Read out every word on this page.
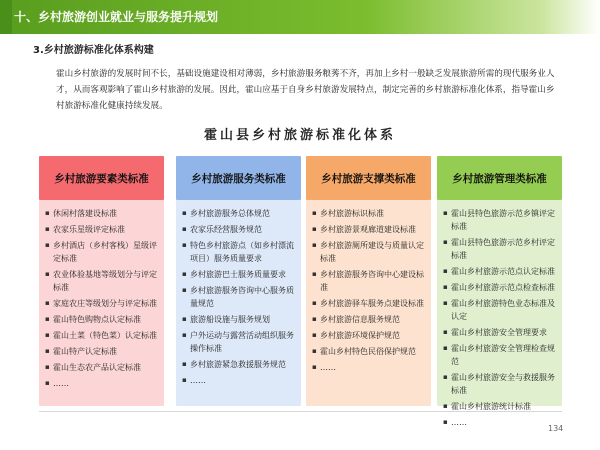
十、乡村旅游创业就业与服务提升规划
3.乡村旅游标准化体系构建
霍山乡村旅游的发展时间不长，基础设施建设相对薄弱，乡村旅游服务粮莠不齐，再加上乡村一般缺乏发展旅游所需的现代服务业人才，从而客观影响了霍山乡村旅游的发展。因此，霍山应基于自身乡村旅游发展特点，制定完善的乡村旅游标准化体系，指导霍山乡村旅游标准化健康持续发展。
霍山县乡村旅游标准化体系
乡村旅游要素类标准
▪ 休闲村落建设标准
▪ 农家乐星级评定标准
▪ 乡村酒店（乡村客栈）星级评定标准
▪ 农业体验基地等级划分与评定标准
▪ 家庭农庄等级划分与评定标准
▪ 霍山特色购物点认定标准
▪ 霍山土菜（特色菜）认定标准
▪ 霍山特产认定标准
▪ 霍山生态农产品认定标准
▪ ……
乡村旅游服务类标准
▪ 乡村旅游服务总体规范
▪ 农家乐经营服务规范
▪ 特色乡村旅游点（如乡村漂流项目）服务质量要求
▪ 乡村旅游巴士服务质量要求
▪ 乡村旅游服务咨询中心服务质量规范
▪ 旅游船设施与服务规划
▪ 户外运动与露营活动组织服务操作标准
▪ 乡村旅游紧急救援服务规范
▪ ……
乡村旅游支撑类标准
▪ 乡村旅游标识标准
▪ 乡村旅游景观廊道建设标准
▪ 乡村旅游厕所建设与质量认定标准
▪ 乡村旅游服务咨询中心建设标准
▪ 乡村旅游驿车服务点建设标准
▪ 乡村旅游信息服务规范
▪ 乡村旅游环境保护规范
▪ 霍山乡村特色民俗保护规范
▪ ……
乡村旅游管理类标准
▪ 霍山县特色旅游示范乡镇评定标准
▪ 霍山县特色旅游示范乡村评定标准
▪ 霍山乡村旅游示范点认定标准
▪ 霍山乡村旅游示范点检查标准
▪ 霍山乡村旅游特色业态标准及认定
▪ 霍山乡村旅游安全管理要求
▪ 霍山乡村旅游安全管理检查规范
▪ 霍山乡村旅游安全与救援服务标准
▪ 霍山乡村旅游统计标准
▪ ……
134
